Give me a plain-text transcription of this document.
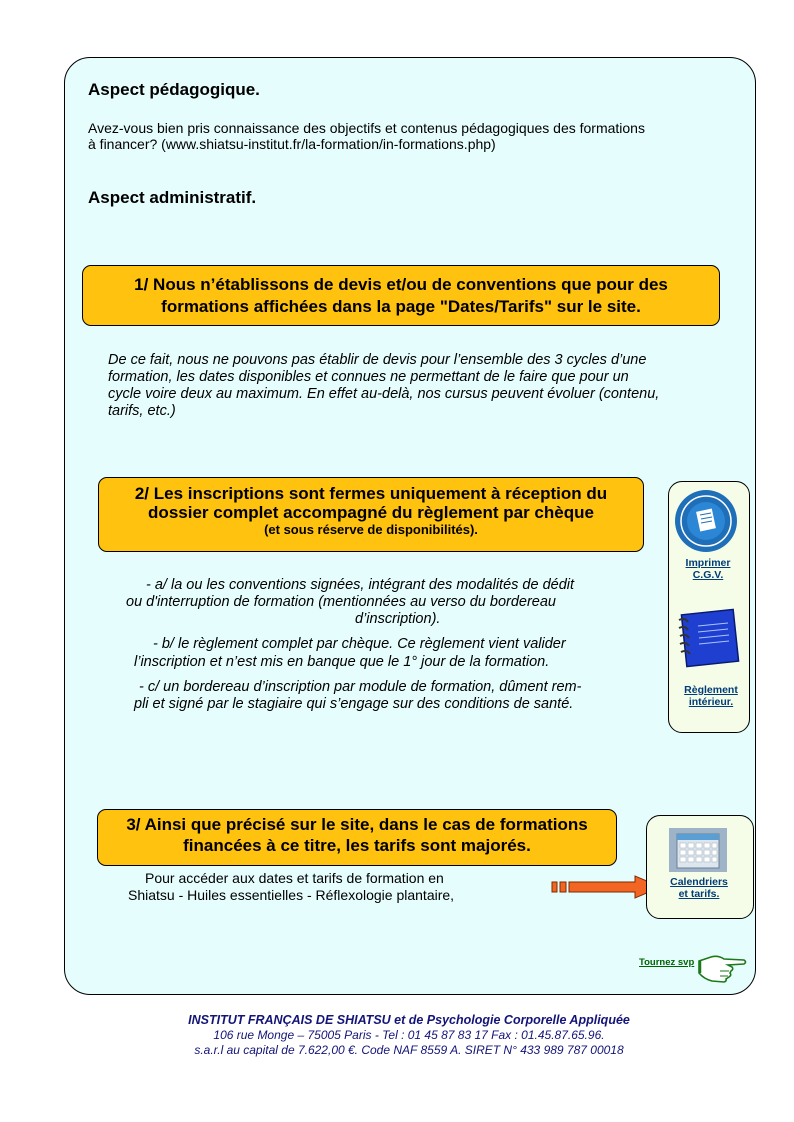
Aspect pédagogique.
Avez-vous bien pris connaissance des objectifs et contenus pédagogiques des formations
à financer? (www.shiatsu-institut.fr/la-formation/in-formations.php)
Aspect administratif.
1/ Nous n’établissons de devis et/ou de conventions que pour des
formations affichées dans la page "Dates/Tarifs" sur le site.
De ce fait, nous ne pouvons pas établir de devis pour l’ensemble des 3 cycles d’une
formation, les dates disponibles et connues ne permettant de le faire que pour un
cycle voire deux au maximum. En effet au-delà, nos cursus peuvent évoluer (contenu,
tarifs, etc.)
2/ Les inscriptions sont fermes uniquement à réception du
dossier complet accompagné du règlement par chèque
(et sous réserve de disponibilités).
- a/ la ou les conventions signées, intégrant des modalités de dédit
ou d'interruption de formation (mentionnées au verso du bordereau
d’inscription).
- b/ le règlement complet par chèque. Ce règlement vient valider
l’inscription et n’est mis en banque que le 1° jour de la formation.
- c/ un bordereau d’inscription par module de formation, dûment rem-
pli et signé par le stagiaire qui s’engage sur des conditions de santé.
Imprimer
C.G.V.
Règlement
intérieur.
3/ Ainsi que précisé sur le site, dans le cas de formations
financées à ce titre, les tarifs sont majorés.
Pour accéder aux dates et tarifs de formation en
Shiatsu - Huiles essentielles - Réflexologie plantaire,
Calendriers
et tarifs.
Tournez svp
INSTITUT FRANÇAIS DE SHIATSU et de Psychologie Corporelle Appliquée
106 rue Monge – 75005 Paris - Tel : 01 45 87 83 17 Fax : 01.45.87.65.96.
s.a.r.l au capital de 7.622,00 €. Code NAF 8559 A. SIRET N° 433 989 787 00018
